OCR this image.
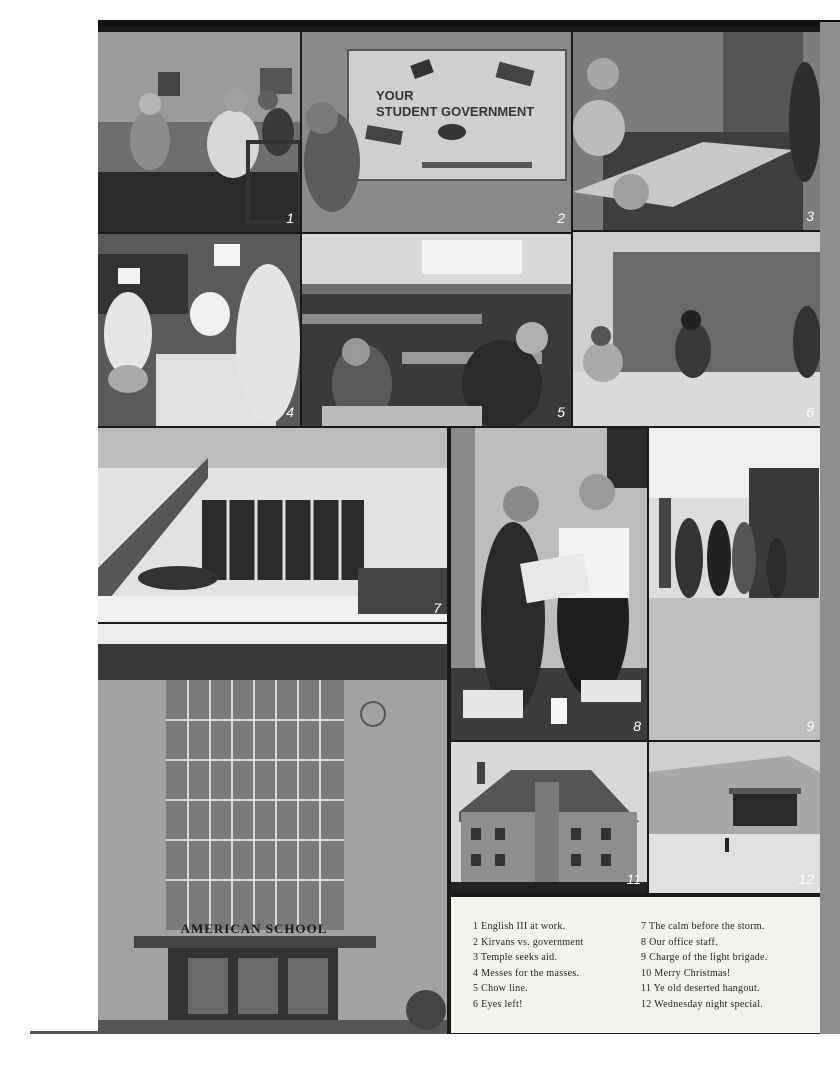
1
YOUR
STUDENT GOVERNMENT
2	3
4	5	6
7
8	9
AMERICAN SCHOOL
11	12
1 English III at work.
2 Kirvans vs. government
3 Temple seeks aid.
4 Messes for the masses.
5 Chow line.
6 Eyes left!
7 The calm before the storm.
8 Our office staff.
9 Charge of the light brigade.
10 Merry Christmas!
11 Ye old deserted hangout.
12 Wednesday night special.
